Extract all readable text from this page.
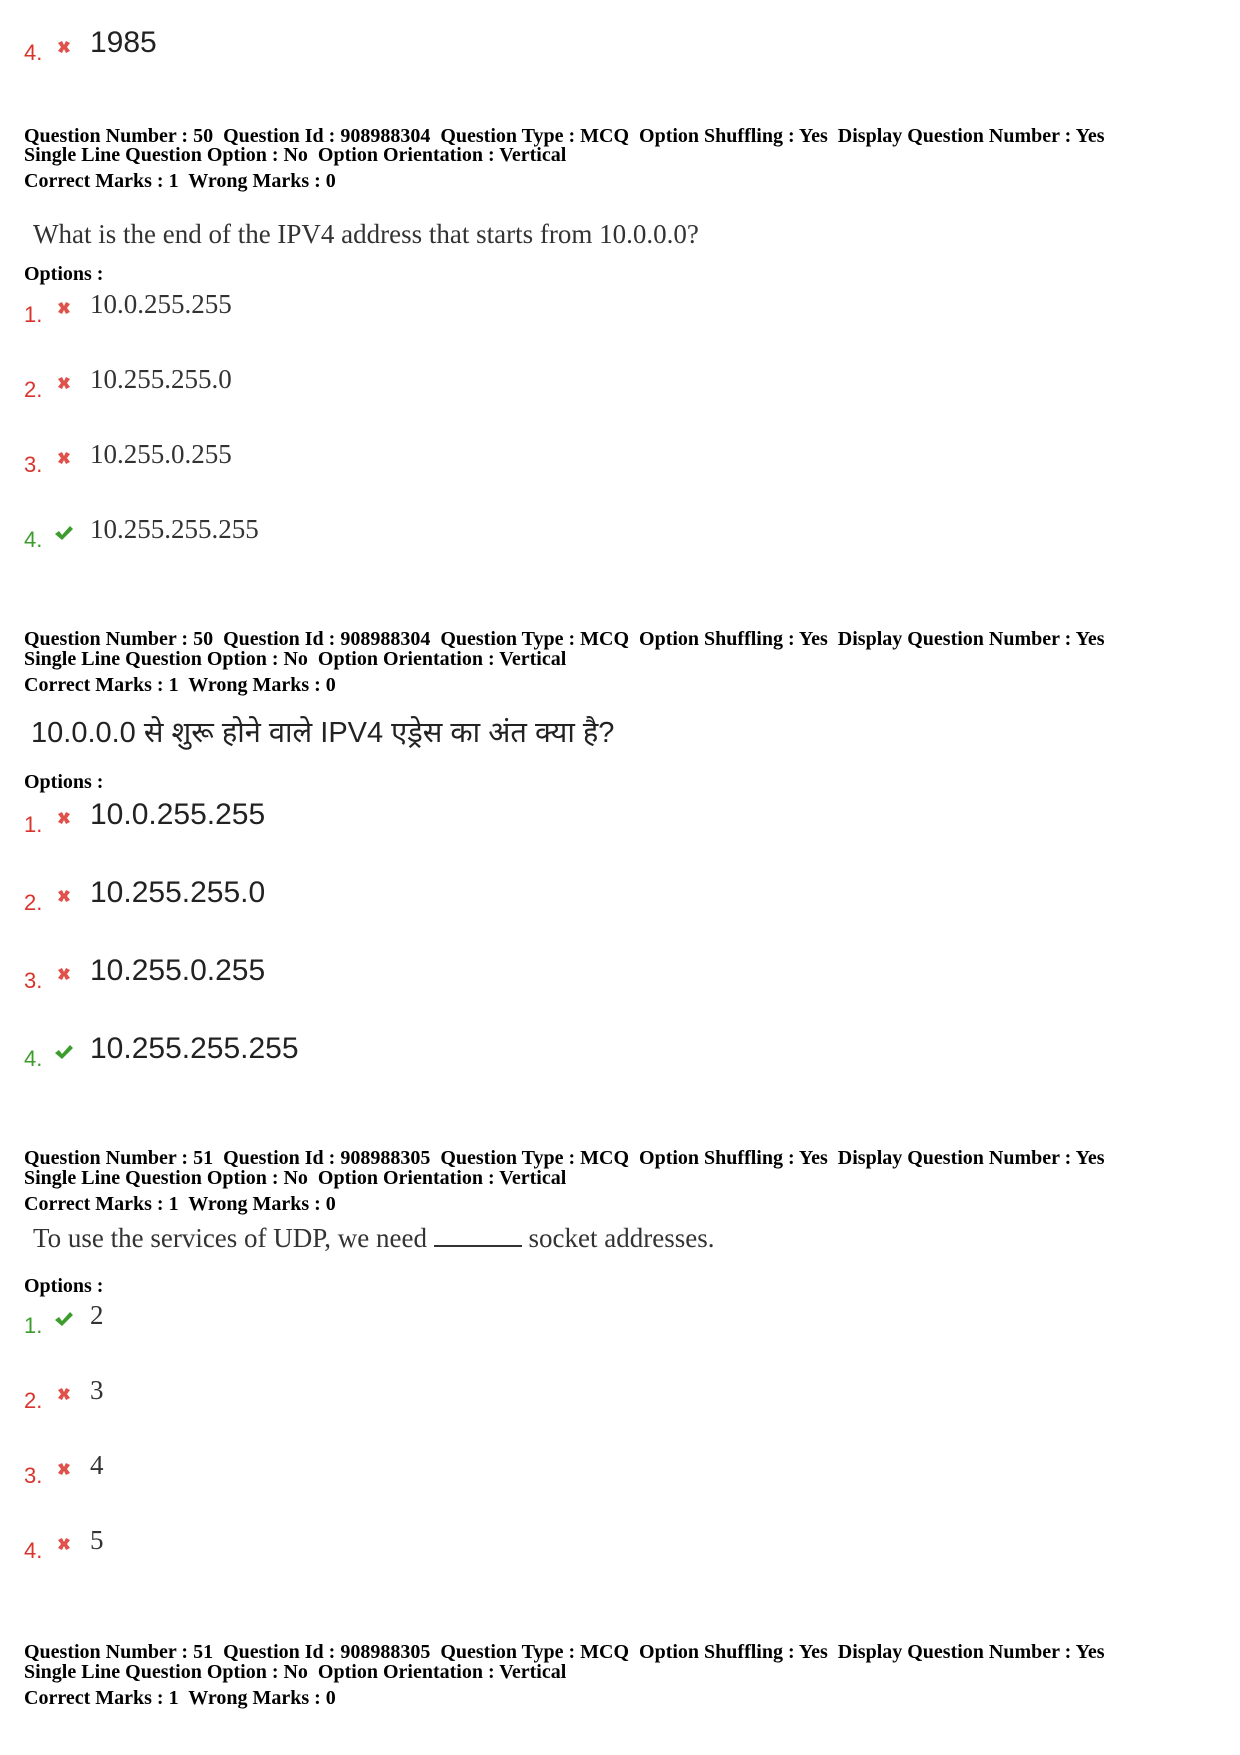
4. 1985
Question Number : 50  Question Id : 908988304  Question Type : MCQ  Option Shuffling : Yes  Display Question Number : Yes
Single Line Question Option : No  Option Orientation : Vertical
Correct Marks : 1  Wrong Marks : 0
What is the end of the IPV4 address that starts from 10.0.0.0?
Options :
1. 10.0.255.255
2. 10.255.255.0
3. 10.255.0.255
4. 10.255.255.255
Question Number : 50  Question Id : 908988304  Question Type : MCQ  Option Shuffling : Yes  Display Question Number : Yes
Single Line Question Option : No  Option Orientation : Vertical
Correct Marks : 1  Wrong Marks : 0
10.0.0.0 से शुरू होने वाले IPV4 एड्रेस का अंत क्या है?
Options :
1. 10.0.255.255
2. 10.255.255.0
3. 10.255.0.255
4. 10.255.255.255
Question Number : 51  Question Id : 908988305  Question Type : MCQ  Option Shuffling : Yes  Display Question Number : Yes
Single Line Question Option : No  Option Orientation : Vertical
Correct Marks : 1  Wrong Marks : 0
To use the services of UDP, we need	socket addresses.
Options :
1. 2
2. 3
3. 4
4. 5
Question Number : 51  Question Id : 908988305  Question Type : MCQ  Option Shuffling : Yes  Display Question Number : Yes
Single Line Question Option : No  Option Orientation : Vertical
Correct Marks : 1  Wrong Marks : 0
